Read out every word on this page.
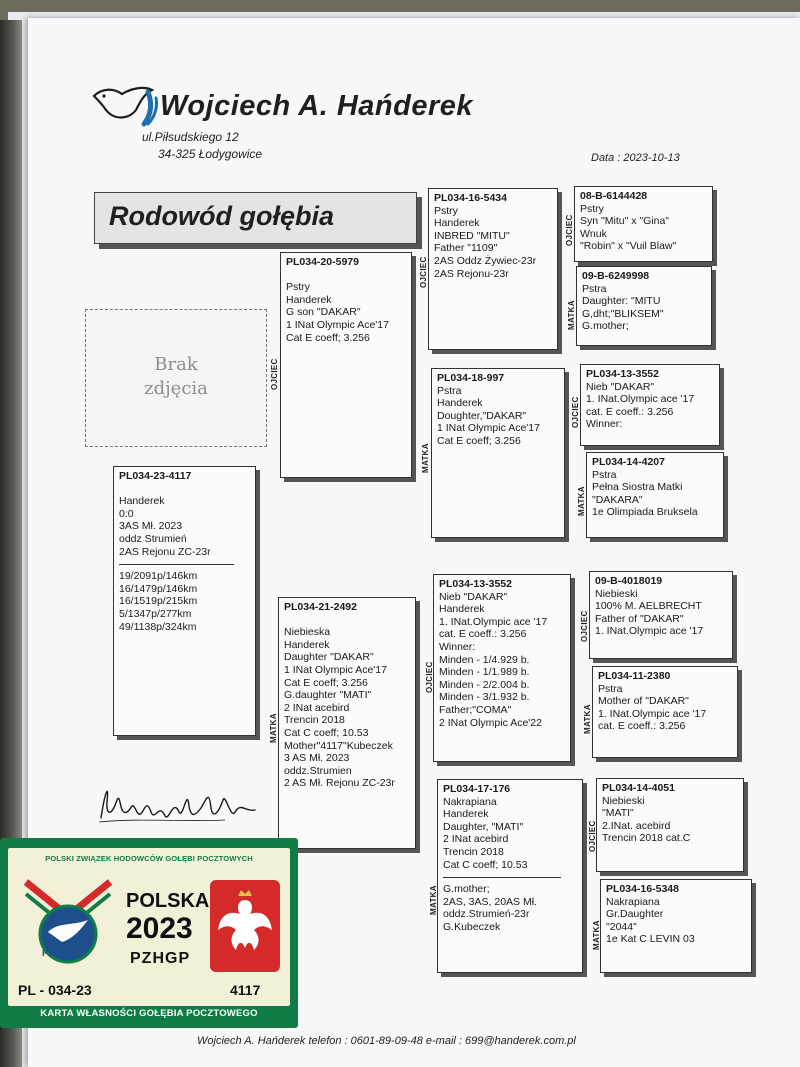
Wojciech A. Hańderek
ul.Piłsudskiego 12
34-325 Łodygowice	Data : 2023-10-13
Rodowód gołębia
Brak
zdjęcia
PL034-23-4117

Handerek
0:0
3AS Mł. 2023
oddz Strumień
2AS Rejonu ZC-23r
19/2091p/146km
16/1479p/146km
16/1519p/215km
5/1347p/277km
49/1138p/324km
PL034-20-5979

Pstry
Handerek
G son "DAKAR"
1 INat Olympic Ace'17
Cat E coeff; 3.256
PL034-21-2492

Niebieska
Handerek
Daughter "DAKAR"
1 INat Olympic Ace'17
Cat E coeff; 3.256
G.daughter "MATI"
2 INat acebird
Trencin 2018
Cat C coeff; 10.53
Mother"4117"Kubeczek
3 AS Mł. 2023
oddz.Strumien
2 AS Mł. Rejonu ZC-23r
PL034-16-5434
Pstry
Handerek
INBRED "MITU"
Father "1109"
2AS Oddz Żywiec-23r
2AS Rejonu-23r
PL034-18-997
Pstra
Handerek
Doughter,"DAKAR"
1 INat Olympic Ace'17
Cat E coeff; 3.256
PL034-13-3552
Nieb "DAKAR"
Handerek
1. INat.Olympic ace '17
cat. E coeff.: 3.256
Winner:
Minden - 1/4.929 b.
Minden - 1/1.989 b.
Minden - 2/2.004 b.
Minden - 3/1.932 b.
Father;"COMA"
2 INat Olympic Ace'22
PL034-17-176
Nakrapiana
Handerek
Daughter, "MATI"
2 INat acebird
Trencin 2018
Cat C coeff; 10.53
G.mother;
2AS, 3AS, 20AS Mł.
oddz.Strumień-23r
G.Kubeczek
08-B-6144428
Pstry
Syn "Mitu" x "Gina"
Wnuk
"Robin" x "Vuil Blaw"
09-B-6249998
Pstra
Daughter: "MITU
G,dht;"BLIKSEM"
G.mother;
PL034-13-3552
Nieb "DAKAR"
1. INat.Olympic ace '17
cat. E coeff.: 3.256
Winner:
PL034-14-4207
Pstra
Pełna Siostra Matki
"DAKARA"
1e Olimpiada Bruksela
09-B-4018019
Niebieski
100% M. AELBRECHT
Father of "DAKAR"
1. INat.Olympic ace '17
PL034-11-2380
Pstra
Mother of "DAKAR"
1. INat.Olympic ace '17
cat. E coeff.: 3.256
PL034-14-4051
Niebieski
"MATI"
2.INat. acebird
Trencin 2018 cat.C
PL034-16-5348
Nakrapiana
Gr.Daughter
"2044"
1e Kat C LEVIN 03
OJCIEC
MATKA
OJCIEC
MATKA
OJCIEC
MATKA
OJCIEC
MATKA
OJCIEC
MATKA
OJCIEC
MATKA
OJCIEC
MATKA
POLSKI ZWIĄZEK HODOWCÓW GOŁĘBI POCZTOWYCH
PZHGP
POLSKA
2023
PZHGP
PL - 034-23	4117
KARTA WŁASNOŚCI GOŁĘBIA POCZTOWEGO
Wojciech A. Hańderek telefon : 0601-89-09-48 e-mail : 699@handerek.com.pl
